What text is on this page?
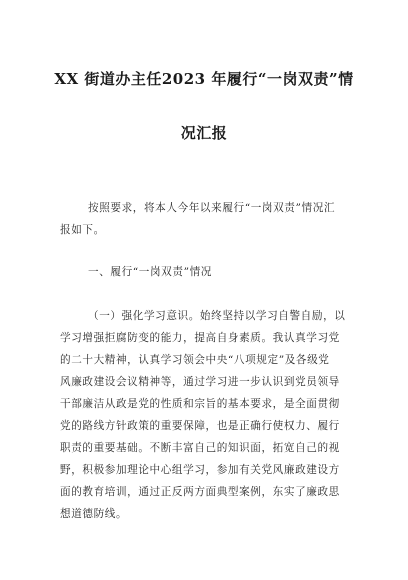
XX 街道办主任2023 年履行“一岗双责”情
况汇报
按照要求，将本人今年以来履行“一岗双责”情况汇
报如下。
一、履行“一岗双责”情况
（一）强化学习意识。始终坚持以学习自警自励，以
学习增强拒腐防变的能力，提高自身素质。我认真学习党
的二十大精神，认真学习领会中央“八项规定”及各级党
风廉政建设会议精神等，通过学习进一步认识到党员领导
干部廉洁从政是党的性质和宗旨的基本要求，是全面贯彻
党的路线方针政策的重要保障，也是正确行使权力、履行
职责的重要基础。不断丰富自己的知识面，拓宽自己的视
野，积极参加理论中心组学习，参加有关党风廉政建设方
面的教育培训，通过正反两方面典型案例，东实了廉政思
想道德防线。
